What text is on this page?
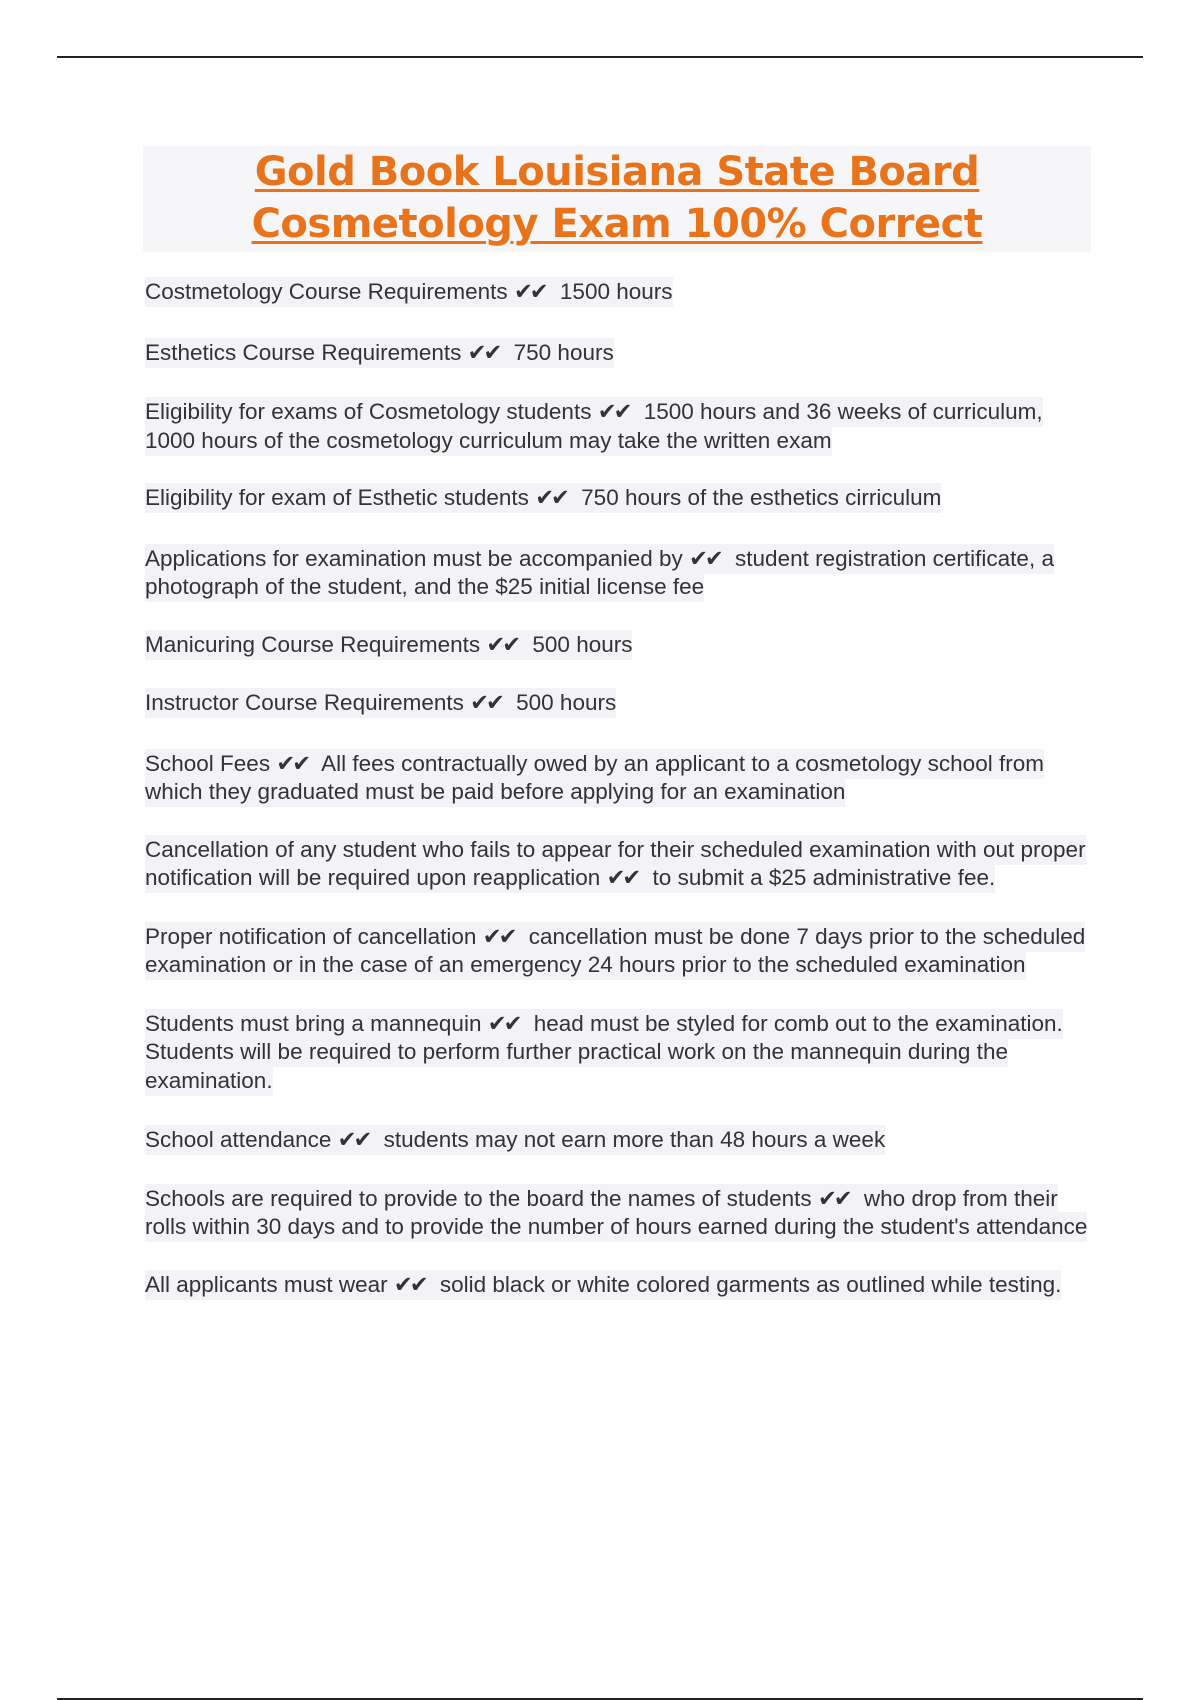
Gold Book Louisiana State Board
Cosmetology Exam 100% Correct

Costmetology Course Requirements ✔✔ 1500 hours

Esthetics Course Requirements ✔✔ 750 hours

Eligibility for exams of Cosmetology students ✔✔ 1500 hours and 36 weeks of curriculum, 1000 hours of the cosmetology curriculum may take the written exam

Eligibility for exam of Esthetic students ✔✔ 750 hours of the esthetics cirriculum

Applications for examination must be accompanied by ✔✔ student registration certificate, a photograph of the student, and the $25 initial license fee

Manicuring Course Requirements ✔✔ 500 hours

Instructor Course Requirements ✔✔ 500 hours

School Fees ✔✔ All fees contractually owed by an applicant to a cosmetology school from which they graduated must be paid before applying for an examination

Cancellation of any student who fails to appear for their scheduled examination with out proper notification will be required upon reapplication ✔✔ to submit a $25 administrative fee.

Proper notification of cancellation ✔✔ cancellation must be done 7 days prior to the scheduled examination or in the case of an emergency 24 hours prior to the scheduled examination

Students must bring a mannequin ✔✔ head must be styled for comb out to the examination. Students will be required to perform further practical work on the mannequin during the examination.

School attendance ✔✔ students may not earn more than 48 hours a week

Schools are required to provide to the board the names of students ✔✔ who drop from their rolls within 30 days and to provide the number of hours earned during the student's attendance

All applicants must wear ✔✔ solid black or white colored garments as outlined while testing.
